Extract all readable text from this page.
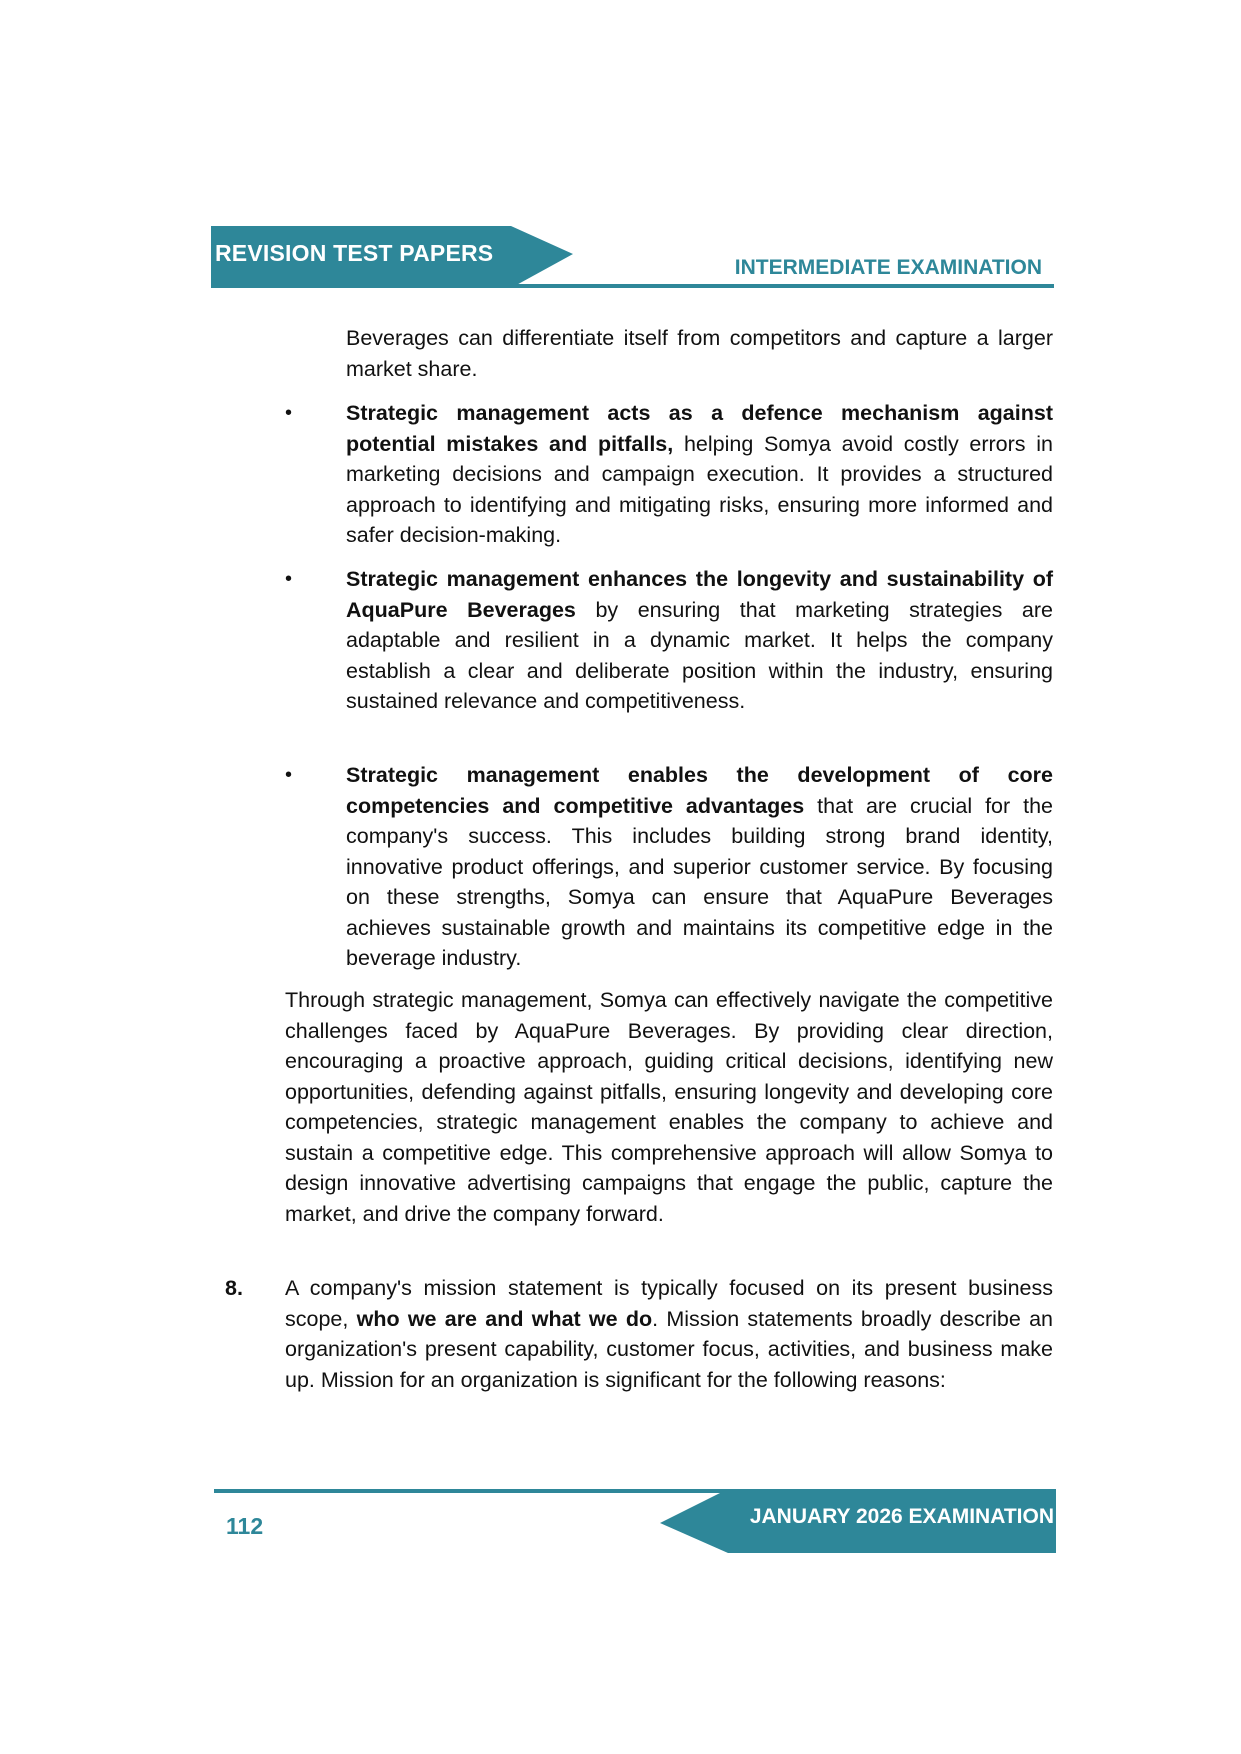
REVISION TEST PAPERS
INTERMEDIATE EXAMINATION

Beverages can differentiate itself from competitors and capture a larger market share.

•	Strategic management acts as a defence mechanism against potential mistakes and pitfalls, helping Somya avoid costly errors in marketing decisions and campaign execution. It provides a structured approach to identifying and mitigating risks, ensuring more informed and safer decision-making.

•	Strategic management enhances the longevity and sustainability of AquaPure Beverages by ensuring that marketing strategies are adaptable and resilient in a dynamic market. It helps the company establish a clear and deliberate position within the industry, ensuring sustained relevance and competitiveness.

•	Strategic management enables the development of core competencies and competitive advantages that are crucial for the company's success. This includes building strong brand identity, innovative product offerings, and superior customer service. By focusing on these strengths, Somya can ensure that AquaPure Beverages achieves sustainable growth and maintains its competitive edge in the beverage industry.

Through strategic management, Somya can effectively navigate the competitive challenges faced by AquaPure Beverages. By providing clear direction, encouraging a proactive approach, guiding critical decisions, identifying new opportunities, defending against pitfalls, ensuring longevity and developing core competencies, strategic management enables the company to achieve and sustain a competitive edge. This comprehensive approach will allow Somya to design innovative advertising campaigns that engage the public, capture the market, and drive the company forward.

8. A company's mission statement is typically focused on its present business scope, who we are and what we do. Mission statements broadly describe an organization's present capability, customer focus, activities, and business make up. Mission for an organization is significant for the following reasons:

JANUARY 2026 EXAMINATION
112
